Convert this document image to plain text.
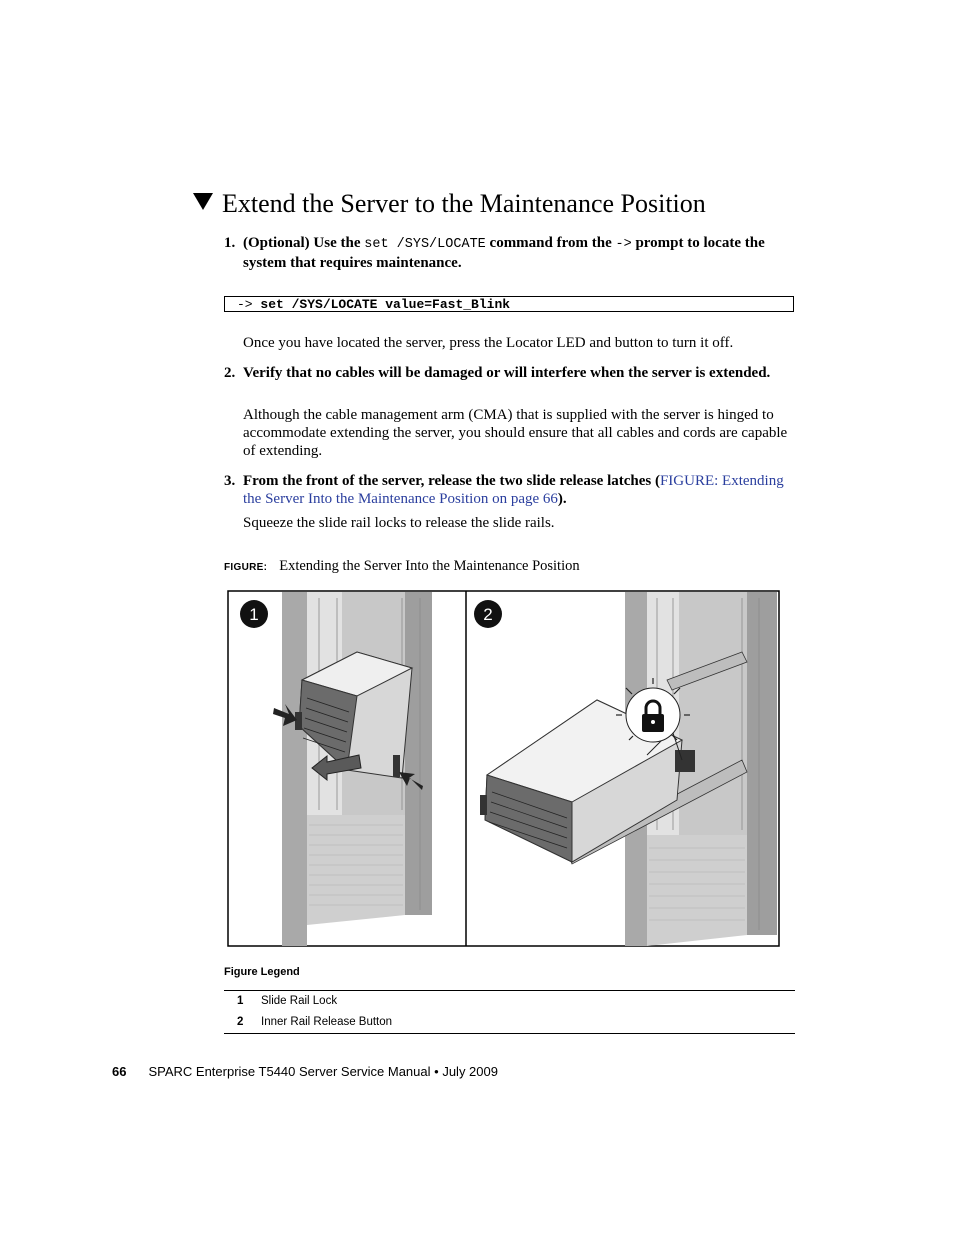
Extend the Server to the Maintenance Position
1. (Optional) Use the set /SYS/LOCATE command from the -> prompt to locate the system that requires maintenance.
-> set /SYS/LOCATE value=Fast_Blink
Once you have located the server, press the Locator LED and button to turn it off.
2. Verify that no cables will be damaged or will interfere when the server is extended.
Although the cable management arm (CMA) that is supplied with the server is hinged to accommodate extending the server, you should ensure that all cables and cords are capable of extending.
3. From the front of the server, release the two slide release latches (FIGURE: Extending the Server Into the Maintenance Position on page 66).
Squeeze the slide rail locks to release the slide rails.
FIGURE: Extending the Server Into the Maintenance Position
1	2
Figure Legend
1 Slide Rail Lock
2 Inner Rail Release Button
66 SPARC Enterprise T5440 Server Service Manual • July 2009
